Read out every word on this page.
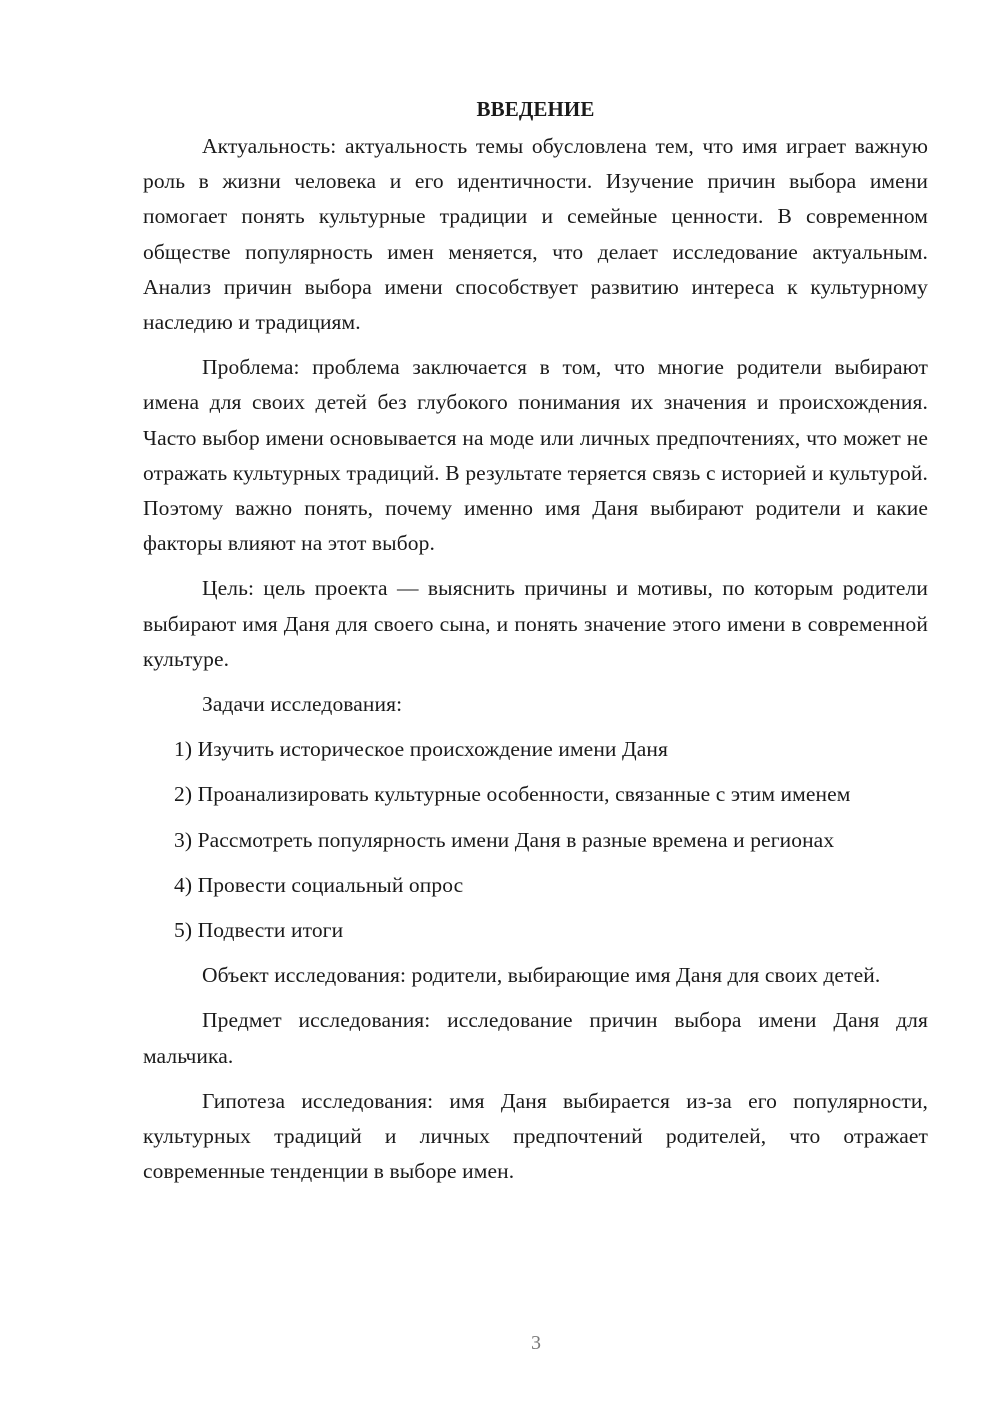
ВВЕДЕНИЕ

Актуальность: актуальность темы обусловлена тем, что имя играет важную роль в жизни человека и его идентичности. Изучение причин выбора имени помогает понять культурные традиции и семейные ценности. В современном обществе популярность имен меняется, что делает исследование актуальным. Анализ причин выбора имени способствует развитию интереса к культурному наследию и традициям.

Проблема: проблема заключается в том, что многие родители выбирают имена для своих детей без глубокого понимания их значения и происхождения. Часто выбор имени основывается на моде или личных предпочтениях, что может не отражать культурных традиций. В результате теряется связь с историей и культурой. Поэтому важно понять, почему именно имя Даня выбирают родители и какие факторы влияют на этот выбор.

Цель: цель проекта — выяснить причины и мотивы, по которым родители выбирают имя Даня для своего сына, и понять значение этого имени в современной культуре.

Задачи исследования:

1) Изучить историческое происхождение имени Даня

2) Проанализировать культурные особенности, связанные с этим именем

3) Рассмотреть популярность имени Даня в разные времена и регионах

4) Провести социальный опрос

5) Подвести итоги

Объект исследования: родители, выбирающие имя Даня для своих детей.

Предмет исследования: исследование причин выбора имени Даня для мальчика.

Гипотеза исследования: имя Даня выбирается из-за его популярности, культурных традиций и личных предпочтений родителей, что отражает современные тенденции в выборе имен.

3
